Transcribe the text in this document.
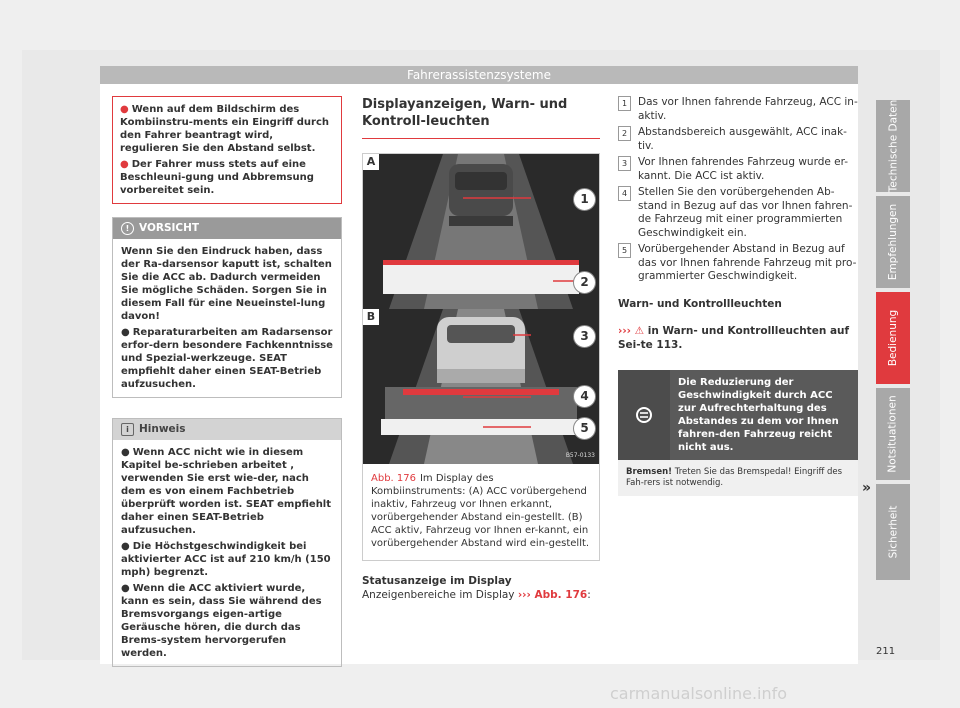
Fahrerassistenzsysteme

● Wenn auf dem Bildschirm des Kombiinstru-ments ein Eingriff durch den Fahrer beantragt wird, regulieren Sie den Abstand selbst.

● Der Fahrer muss stets auf eine Beschleuni-gung und Abbremsung vorbereitet sein.

! VORSICHT

Wenn Sie den Eindruck haben, dass der Ra-darsensor kaputt ist, schalten Sie die ACC ab. Dadurch vermeiden Sie mögliche Schäden. Sorgen Sie in diesem Fall für eine Neueinstel-lung davon!

● Reparaturarbeiten am Radarsensor erfor-dern besondere Fachkenntnisse und Spezial-werkzeuge. SEAT empfiehlt daher einen SEAT-Betrieb aufzusuchen.

i Hinweis

● Wenn ACC nicht wie in diesem Kapitel be-schrieben arbeitet , verwenden Sie erst wie-der, nach dem es von einem Fachbetrieb überprüft worden ist. SEAT empfiehlt daher einen SEAT-Betrieb aufzusuchen.

● Die Höchstgeschwindigkeit bei aktivierter ACC ist auf 210 km/h (150 mph) begrenzt.

● Wenn die ACC aktiviert wurde, kann es sein, dass Sie während des Bremsvorgangs eigen-artige Geräusche hören, die durch das Brems-system hervorgerufen werden.

Displayanzeigen, Warn- und Kontroll-leuchten
A
1
2
B
3
4
5
B57-0133
Abb. 176 Im Display des Kombiinstruments: (A) ACC vorübergehend inaktiv, Fahrzeug vor Ihnen erkannt, vorübergehender Abstand ein-gestellt. (B) ACC aktiv, Fahrzeug vor Ihnen er-kannt, ein vorübergehender Abstand wird ein-gestellt.
Statusanzeige im Display
Anzeigenbereiche im Display ››› Abb. 176:
1	Das vor Ihnen fahrende Fahrzeug, ACC in-aktiv.
2	Abstandsbereich ausgewählt, ACC inak-tiv.
3	Vor Ihnen fahrendes Fahrzeug wurde er-kannt. Die ACC ist aktiv.
4	Stellen Sie den vorübergehenden Ab-stand in Bezug auf das vor Ihnen fahren-de Fahrzeug mit einer programmierten Geschwindigkeit ein.
5	Vorübergehender Abstand in Bezug auf das vor Ihnen fahrende Fahrzeug mit pro-grammierter Geschwindigkeit.
Warn- und Kontrollleuchten
››› ⚠ in Warn- und Kontrollleuchten auf Sei-te 113.
Die Reduzierung der Geschwindigkeit durch ACC zur Aufrechterhaltung des Abstandes zu dem vor Ihnen fahren-den Fahrzeug reicht nicht aus.
Bremsen! Treten Sie das Bremspedal! Eingriff des Fah-rers ist notwendig.	»
Technische Daten
Empfehlungen
Bedienung
Notsituationen
Sicherheit
211
carmanualsonline.info
